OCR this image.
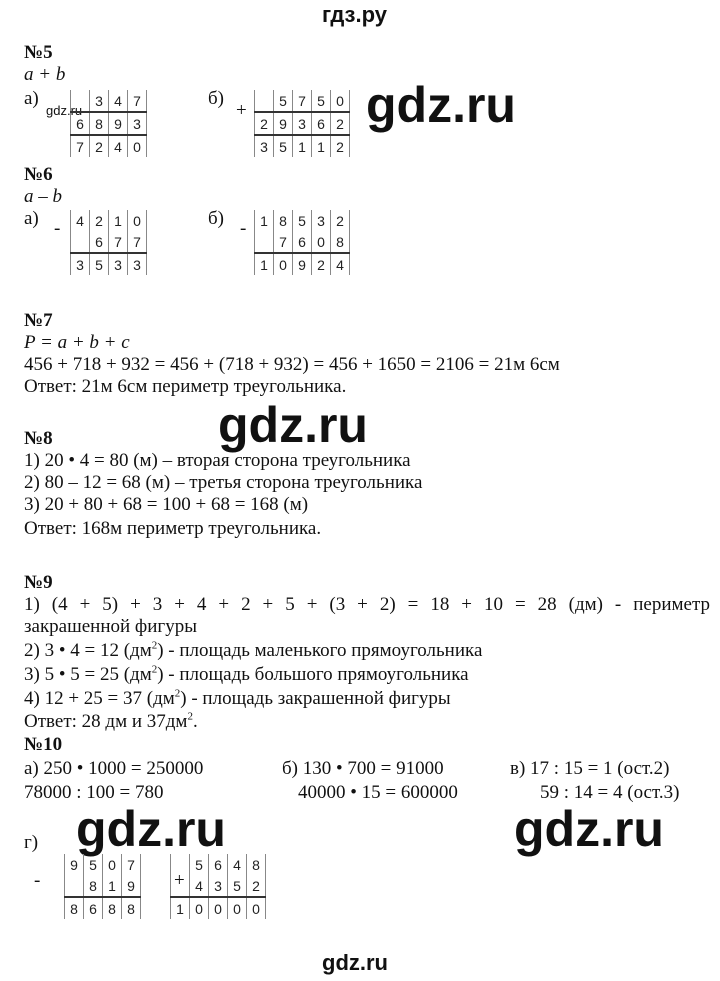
гдз.ру
№5
a + b
а)
gdz.ru
	3	4	7
6	8	9	3
7	2	4	0
б)
+
	5	7	5	0
2	9	3	6	2
3	5	1	1	2
gdz.ru
№6
a – b
а) - 4	2	1	0
	6	7	7
3	5	3	3
б) - 1	8	5	3	2
	7	6	0	8
1	0	9	2	4
№7
P = a + b + c
456 + 718 + 932 = 456 + (718 + 932) = 456 + 1650 = 2106 = 21м 6см
Ответ: 21м 6см периметр треугольника.
gdz.ru
№8
1) 20 • 4 = 80 (м) – вторая сторона треугольника
2) 80 – 12 = 68 (м) – третья сторона треугольника
3) 20 + 80 + 68 = 100 + 68 = 168 (м)
Ответ: 168м периметр треугольника.
№9
1) (4 + 5) + 3 + 4 + 2 + 5 + (3 + 2) = 18 + 10 = 28 (дм) - периметр
закрашенной фигуры
2) 3 • 4 = 12 $(дм^2)$ - площадь маленького прямоугольника
3) 5 • 5 = 25 $(дм^2)$ - площадь большого прямоугольника
4) 12 + 25 = 37 $(дм^2)$ - площадь закрашенной фигуры
Ответ: 28 дм и $37дм^2$.
№10
а) 250 • 1000 = 250000
78000 : 100 = 780
б) 130 • 700 = 91000
40000 • 15 = 600000
в) 17 : 15 = 1 (ост.2)
59 : 14 = 4 (ост.3)
gdz.ru	gdz.ru
г)
-
9	5	0	7
	8	1	9
8	6	8	8
+
	5	6	4	8
	4	3	5	2
1	0	0	0	0
gdz.ru
